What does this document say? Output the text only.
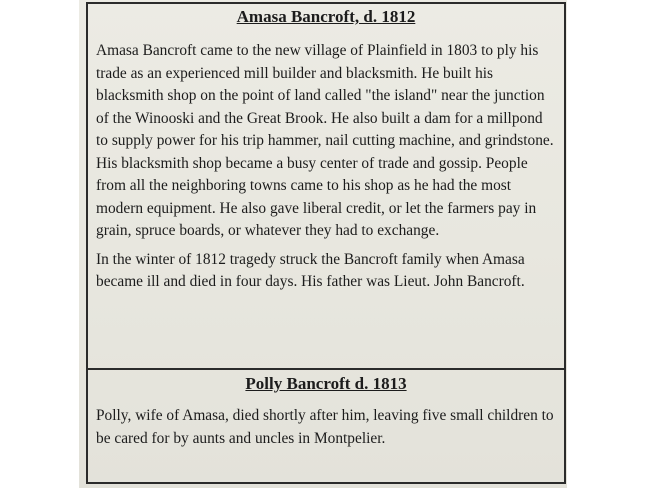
Amasa Bancroft, d. 1812

Amasa Bancroft came to the new village of Plainfield in 1803 to ply his trade as an experienced mill builder and blacksmith. He built his blacksmith shop on the point of land called "the island" near the junction of the Winooski and the Great Brook. He also built a dam for a millpond to supply power for his trip hammer, nail cutting machine, and grindstone. His blacksmith shop became a busy center of trade and gossip. People from all the neighboring towns came to his shop as he had the most modern equipment. He also gave liberal credit, or let the farmers pay in grain, spruce boards, or whatever they had to exchange.

In the winter of 1812 tragedy struck the Bancroft family when Amasa became ill and died in four days. His father was Lieut. John Bancroft.

Polly Bancroft d. 1813

Polly, wife of Amasa, died shortly after him, leaving five small children to be cared for by aunts and uncles in Montpelier.
